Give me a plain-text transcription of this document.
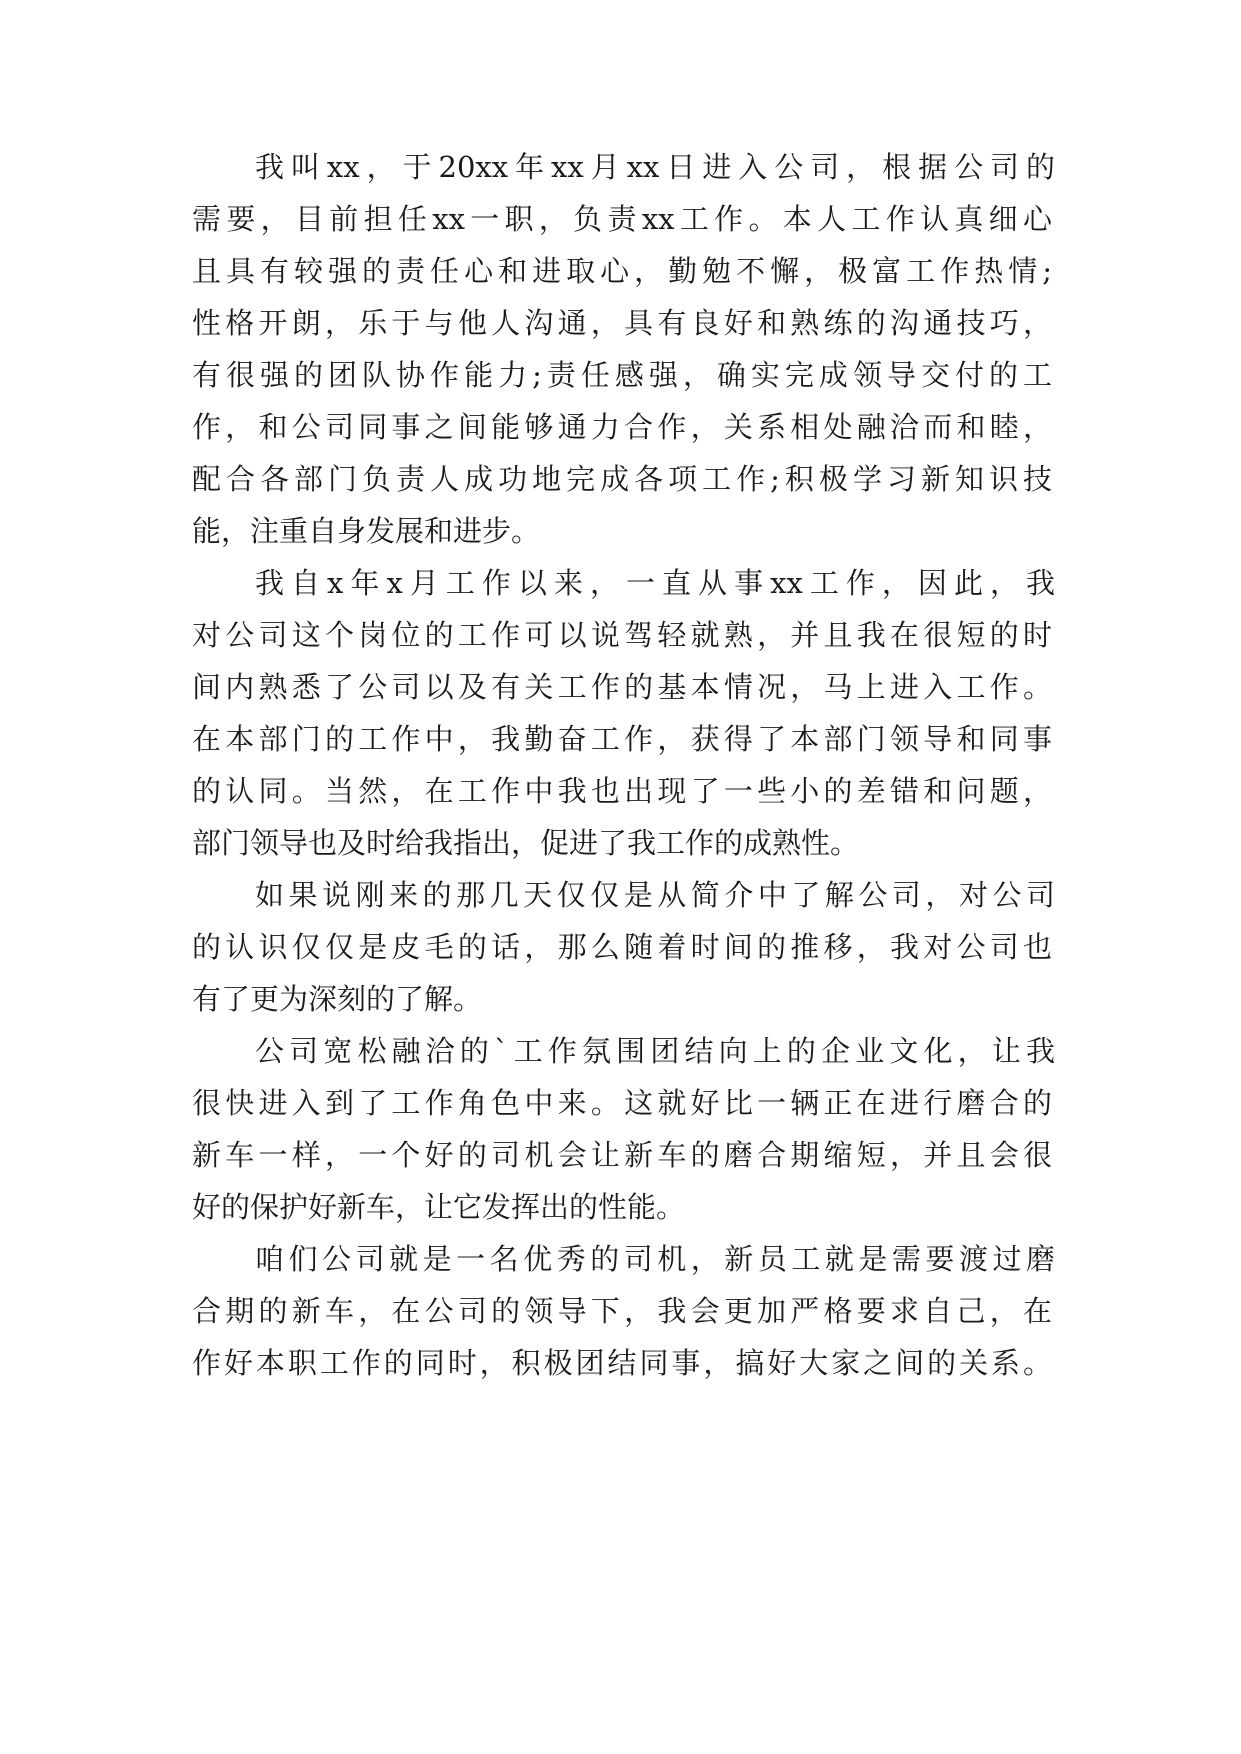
我叫xx，于20xx年xx月xx日进入公司，根据公司的
需要，目前担任xx一职，负责xx工作。本人工作认真细心
且具有较强的责任心和进取心，勤勉不懈，极富工作热情;
性格开朗，乐于与他人沟通，具有良好和熟练的沟通技巧，
有很强的团队协作能力;责任感强，确实完成领导交付的工
作，和公司同事之间能够通力合作，关系相处融洽而和睦，
配合各部门负责人成功地完成各项工作;积极学习新知识技
能，注重自身发展和进步。
我自x年x月工作以来，一直从事xx工作，因此，我
对公司这个岗位的工作可以说驾轻就熟，并且我在很短的时
间内熟悉了公司以及有关工作的基本情况，马上进入工作。
在本部门的工作中，我勤奋工作，获得了本部门领导和同事
的认同。当然，在工作中我也出现了一些小的差错和问题，
部门领导也及时给我指出，促进了我工作的成熟性。
如果说刚来的那几天仅仅是从简介中了解公司，对公司
的认识仅仅是皮毛的话，那么随着时间的推移，我对公司也
有了更为深刻的了解。
公司宽松融洽的`工作氛围团结向上的企业文化，让我
很快进入到了工作角色中来。这就好比一辆正在进行磨合的
新车一样，一个好的司机会让新车的磨合期缩短，并且会很
好的保护好新车，让它发挥出的性能。
咱们公司就是一名优秀的司机，新员工就是需要渡过磨
合期的新车，在公司的领导下，我会更加严格要求自己，在
作好本职工作的同时，积极团结同事，搞好大家之间的关系。
